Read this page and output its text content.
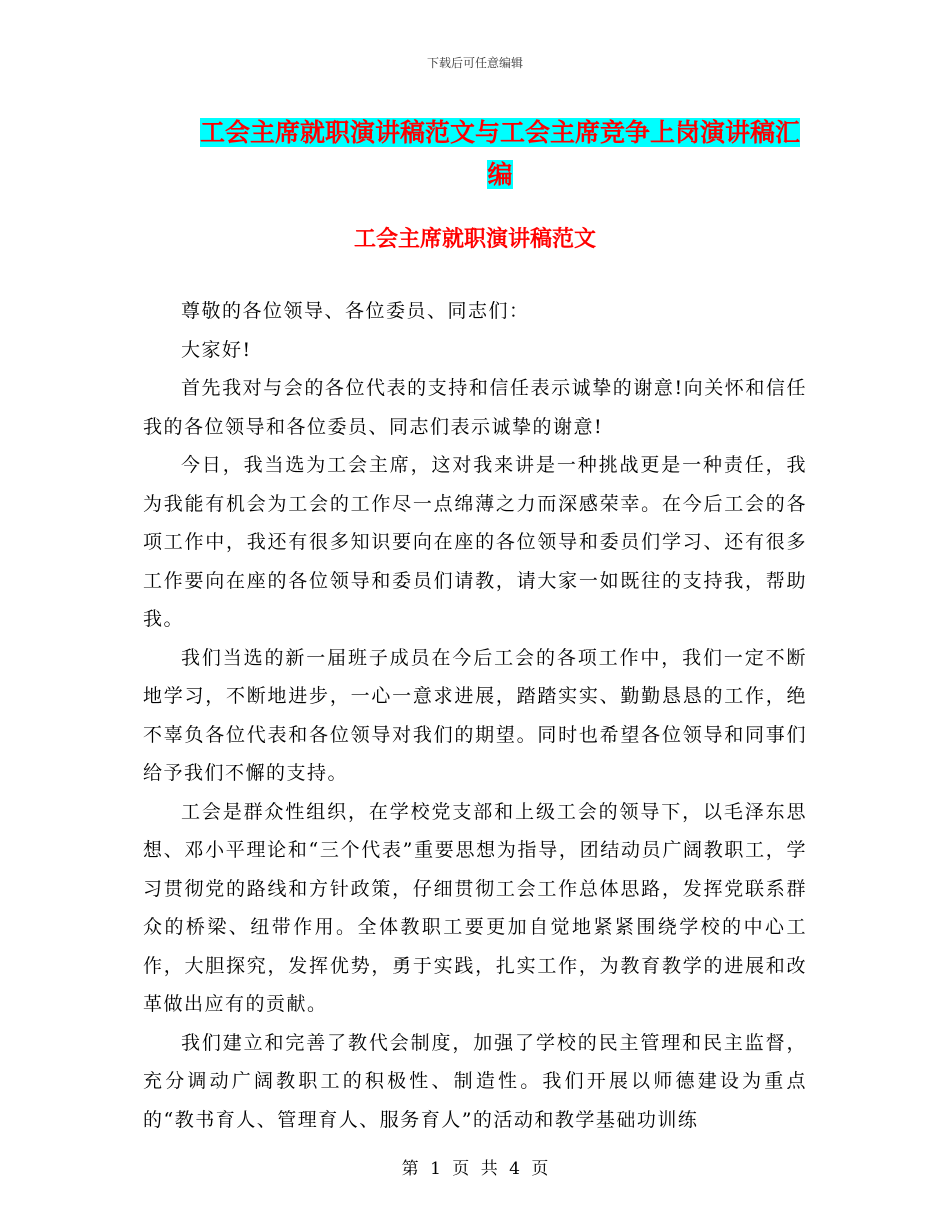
下载后可任意编辑
工会主席就职演讲稿范文与工会主席竞争上岗演讲稿汇编
工会主席就职演讲稿范文

尊敬的各位领导、各位委员、同志们：

大家好!

首先我对与会的各位代表的支持和信任表示诚挚的谢意!向关怀和信任我的各位领导和各位委员、同志们表示诚挚的谢意!

今日，我当选为工会主席，这对我来讲是一种挑战更是一种责任，我为我能有机会为工会的工作尽一点绵薄之力而深感荣幸。在今后工会的各项工作中，我还有很多知识要向在座的各位领导和委员们学习、还有很多工作要向在座的各位领导和委员们请教，请大家一如既往的支持我，帮助我。

我们当选的新一届班子成员在今后工会的各项工作中，我们一定不断地学习，不断地进步，一心一意求进展，踏踏实实、勤勤恳恳的工作，绝不辜负各位代表和各位领导对我们的期望。同时也希望各位领导和同事们给予我们不懈的支持。

工会是群众性组织，在学校党支部和上级工会的领导下，以毛泽东思想、邓小平理论和“三个代表”重要思想为指导，团结动员广阔教职工，学习贯彻党的路线和方针政策，仔细贯彻工会工作总体思路，发挥党联系群众的桥梁、纽带作用。全体教职工要更加自觉地紧紧围绕学校的中心工作，大胆探究，发挥优势，勇于实践，扎实工作，为教育教学的进展和改革做出应有的贡献。

我们建立和完善了教代会制度，加强了学校的民主管理和民主监督，充分调动广阔教职工的积极性、制造性。我们开展以师德建设为重点的“教书育人、管理育人、服务育人”的活动和教学基础功训练

第 1 页 共 4 页
